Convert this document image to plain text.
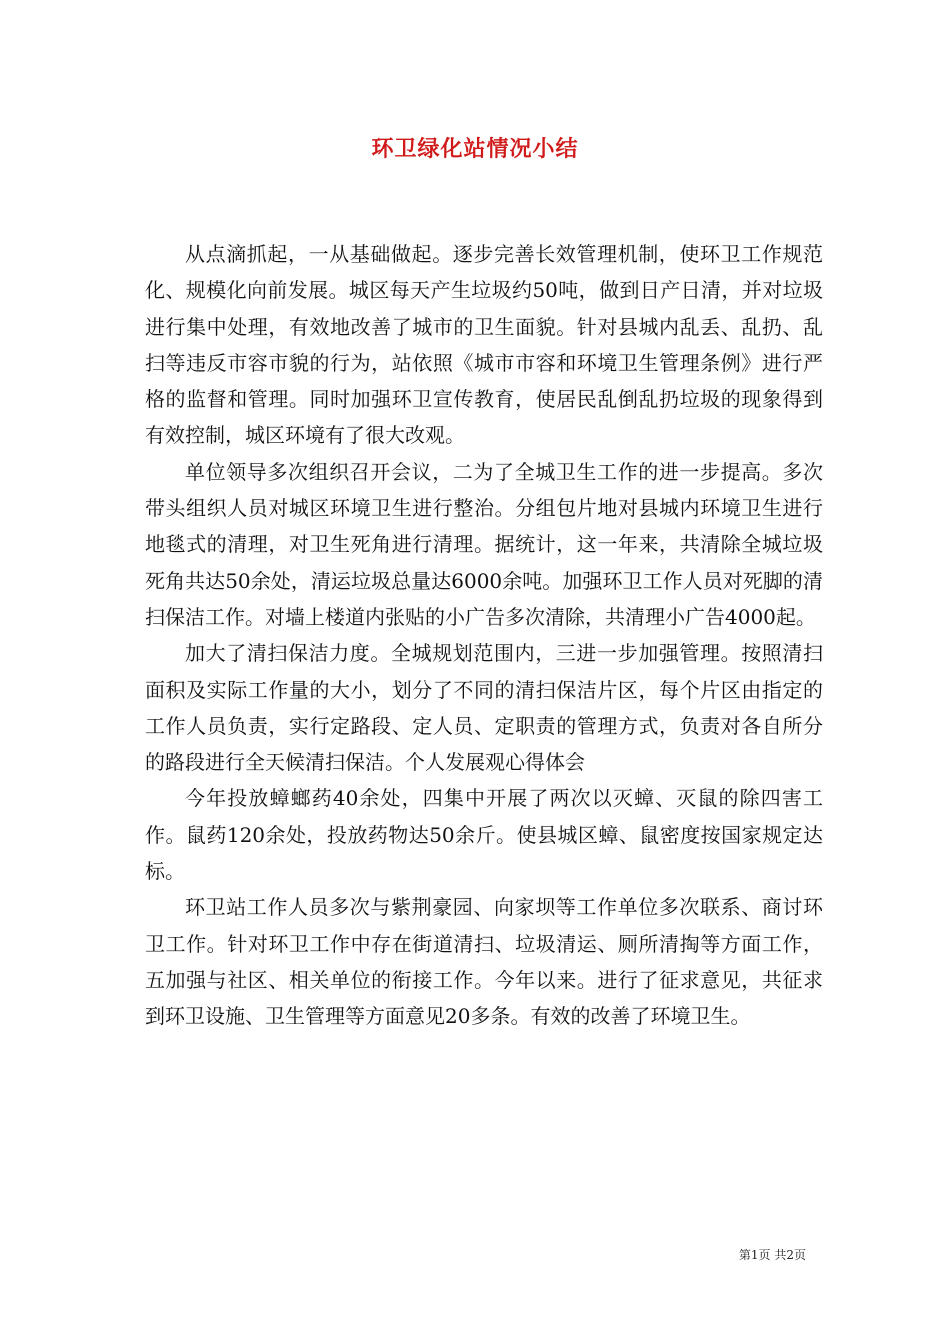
环卫绿化站情况小结

从点滴抓起，一从基础做起。逐步完善长效管理机制，使环卫工作规范化、规模化向前发展。城区每天产生垃圾约50吨，做到日产日清，并对垃圾进行集中处理，有效地改善了城市的卫生面貌。针对县城内乱丢、乱扔、乱扫等违反市容市貌的行为，站依照《城市市容和环境卫生管理条例》进行严格的监督和管理。同时加强环卫宣传教育，使居民乱倒乱扔垃圾的现象得到有效控制，城区环境有了很大改观。

单位领导多次组织召开会议，二为了全城卫生工作的进一步提高。多次带头组织人员对城区环境卫生进行整治。分组包片地对县城内环境卫生进行地毯式的清理，对卫生死角进行清理。据统计，这一年来，共清除全城垃圾死角共达50余处，清运垃圾总量达6000余吨。加强环卫工作人员对死脚的清扫保洁工作。对墙上楼道内张贴的小广告多次清除，共清理小广告4000起。

加大了清扫保洁力度。全城规划范围内，三进一步加强管理。按照清扫面积及实际工作量的大小，划分了不同的清扫保洁片区，每个片区由指定的工作人员负责，实行定路段、定人员、定职责的管理方式，负责对各自所分的路段进行全天候清扫保洁。个人发展观心得体会

今年投放蟑螂药40余处，四集中开展了两次以灭蟑、灭鼠的除四害工作。鼠药120余处，投放药物达50余斤。使县城区蟑、鼠密度按国家规定达标。

环卫站工作人员多次与紫荆豪园、向家坝等工作单位多次联系、商讨环卫工作。针对环卫工作中存在街道清扫、垃圾清运、厕所清掏等方面工作，五加强与社区、相关单位的衔接工作。今年以来。进行了征求意见，共征求到环卫设施、卫生管理等方面意见20多条。有效的改善了环境卫生。

第1页 共2页
